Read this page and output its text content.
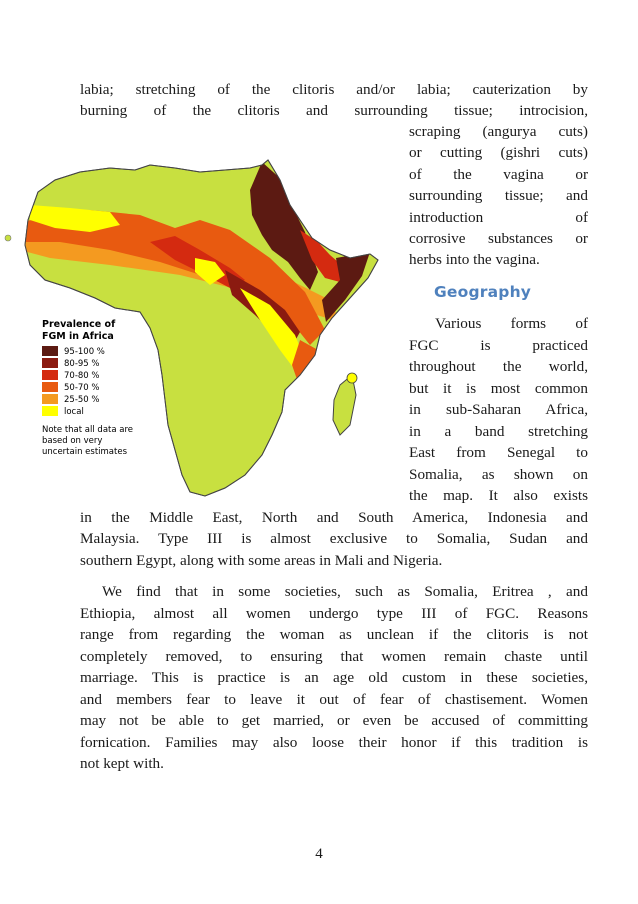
labia; stretching of the clitoris and/or labia; cauterization by
burning of the clitoris and surrounding tissue; introcision,
scraping (angurya cuts)
or cutting (gishri cuts)
of the vagina or
surrounding tissue; and
introduction of
corrosive substances or
herbs into the vagina.
Geography
Various forms of
FGC is practiced
throughout the world,
but it is most common
in sub-Saharan Africa,
in a band stretching
East from Senegal to
Somalia, as shown on
the map. It also exists
in the Middle East, North and South America, Indonesia and
Malaysia. Type III is almost exclusive to Somalia, Sudan and
southern Egypt, along with some areas in Mali and Nigeria.
We find that in some societies, such as Somalia, Eritrea , and
Ethiopia, almost all women undergo type III of FGC. Reasons
range from regarding the woman as unclean if the clitoris is not
completely removed, to ensuring that women remain chaste until
marriage. This is practice is an age old custom in these societies,
and members fear to leave it out of fear of chastisement. Women
may not be able to get married, or even be accused of committing
fornication. Families may also loose their honor if this tradition is
not kept with.
Prevalence of
FGM in Africa
95-100 %
80-95 %
70-80 %
50-70 %
25-50 %
local
Note that all data are
based on very
uncertain estimates
4
